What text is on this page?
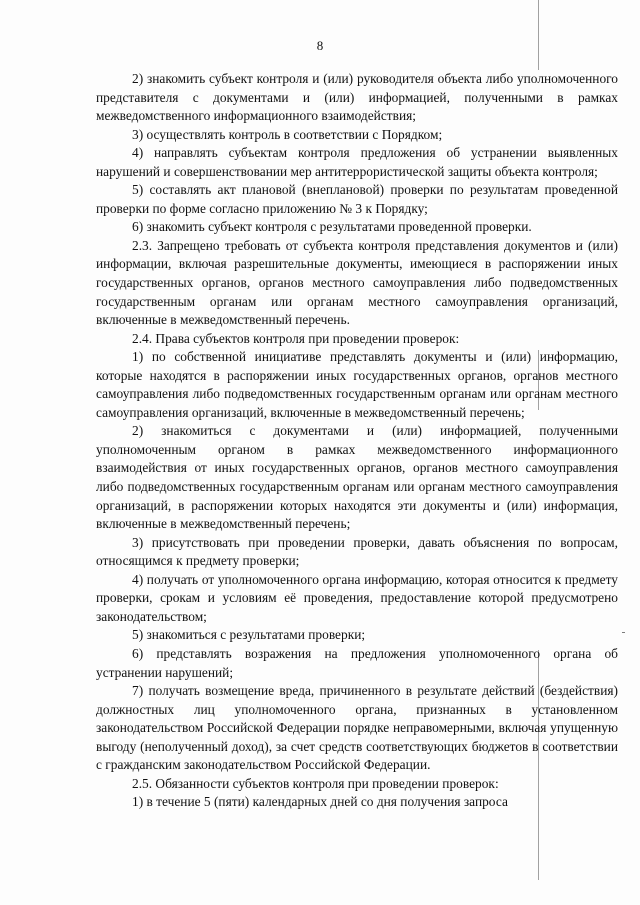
8

2) знакомить субъект контроля и (или) руководителя объекта либо уполномоченного представителя с документами и (или) информацией, полученными в рамках межведомственного информационного взаимодействия;

3) осуществлять контроль в соответствии с Порядком;

4) направлять субъектам контроля предложения об устранении выявленных нарушений и совершенствовании мер антитеррористической защиты объекта контроля;

5) составлять акт плановой (внеплановой) проверки по результатам проведенной проверки по форме согласно приложению № 3 к Порядку;

6) знакомить субъект контроля с результатами проведенной проверки.

2.3. Запрещено требовать от субъекта контроля представления документов и (или) информации, включая разрешительные документы, имеющиеся в распоряжении иных государственных органов, органов местного самоуправления либо подведомственных государственным органам или органам местного самоуправления организаций, включенные в межведомственный перечень.

2.4. Права субъектов контроля при проведении проверок:

1) по собственной инициативе представлять документы и (или) информацию, которые находятся в распоряжении иных государственных органов, органов местного самоуправления либо подведомственных государственным органам или органам местного самоуправления организаций, включенные в межведомственный перечень;

2) знакомиться с документами и (или) информацией, полученными уполномоченным органом в рамках межведомственного информационного взаимодействия от иных государственных органов, органов местного самоуправления либо подведомственных государственным органам или органам местного самоуправления организаций, в распоряжении которых находятся эти документы и (или) информация, включенные в межведомственный перечень;

3) присутствовать при проведении проверки, давать объяснения по вопросам, относящимся к предмету проверки;

4) получать от уполномоченного органа информацию, которая относится к предмету проверки, срокам и условиям её проведения, предоставление которой предусмотрено законодательством;

5) знакомиться с результатами проверки;

6) представлять возражения на предложения уполномоченного органа об устранении нарушений;

7) получать возмещение вреда, причиненного в результате действий (бездействия) должностных лиц уполномоченного органа, признанных в установленном законодательством Российской Федерации порядке неправомерными, включая упущенную выгоду (неполученный доход), за счет средств соответствующих бюджетов в соответствии с гражданским законодательством Российской Федерации.

2.5. Обязанности субъектов контроля при проведении проверок:

1) в течение 5 (пяти) календарных дней со дня получения запроса
